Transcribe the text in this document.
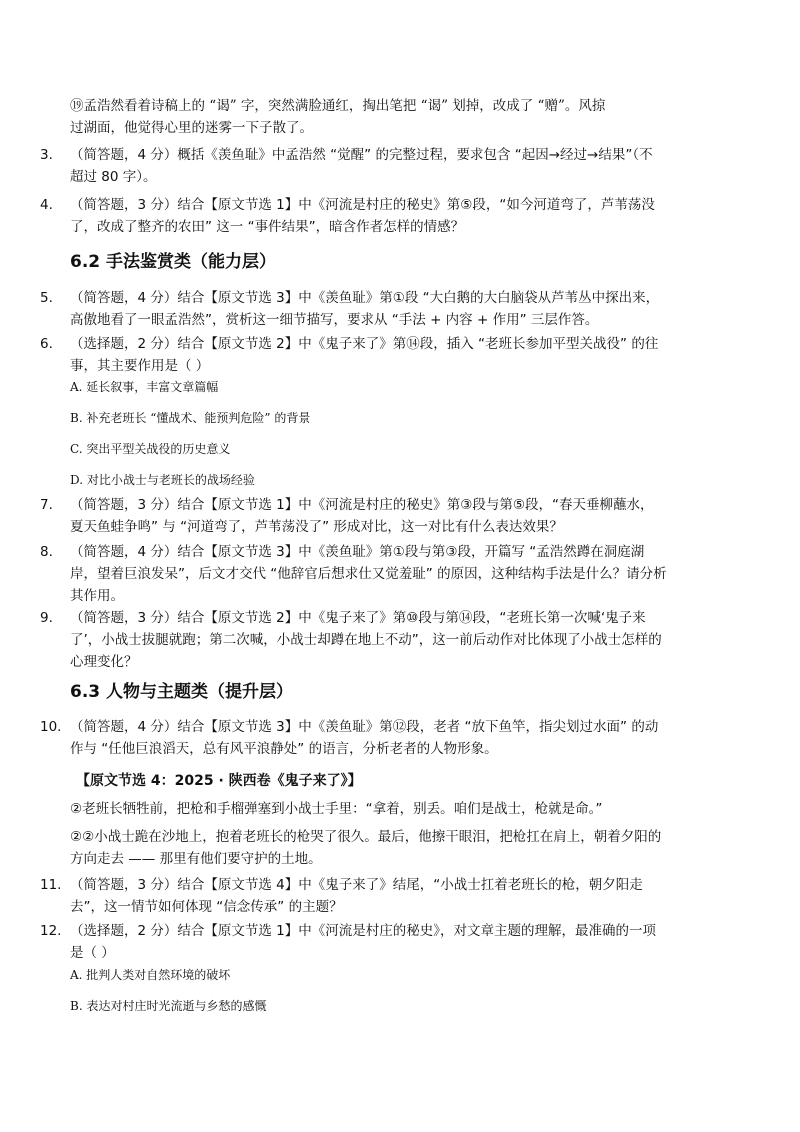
⑲孟浩然看着诗稿上的 “谒” 字，突然满脸通红，掏出笔把 “谒” 划掉，改成了 “赠”。风掠
过湖面，他觉得心里的迷雾一下子散了。
3.	（简答题，4 分）概括《羡鱼耻》中孟浩然 “觉醒” 的完整过程，要求包含 “起因→经过→结果”（不
超过 80 字）。
4.	（简答题，3 分）结合【原文节选 1】中《河流是村庄的秘史》第⑤段，“如今河道弯了，芦苇荡没
了，改成了整齐的农田” 这一 “事件结果”，暗含作者怎样的情感？
6.2 手法鉴赏类（能力层）
5.	（简答题，4 分）结合【原文节选 3】中《羡鱼耻》第①段 “大白鹅的大白脑袋从芦苇丛中探出来，
高傲地看了一眼孟浩然”，赏析这一细节描写，要求从 “手法 + 内容 + 作用” 三层作答。
6.	（选择题，2 分）结合【原文节选 2】中《鬼子来了》第⑭段，插入 “老班长参加平型关战役” 的往
事，其主要作用是（ ）
A. 延长叙事，丰富文章篇幅
B. 补充老班长 “懂战术、能预判危险” 的背景
C. 突出平型关战役的历史意义
D. 对比小战士与老班长的战场经验
7.	（简答题，3 分）结合【原文节选 1】中《河流是村庄的秘史》第③段与第⑤段，“春天垂柳蘸水，
夏天鱼蛙争鸣” 与 “河道弯了，芦苇荡没了” 形成对比，这一对比有什么表达效果？
8.	（简答题，4 分）结合【原文节选 3】中《羡鱼耻》第①段与第③段，开篇写 “孟浩然蹲在洞庭湖
岸，望着巨浪发呆”，后文才交代 “他辞官后想求仕又觉羞耻” 的原因，这种结构手法是什么？请分析
其作用。
9.	（简答题，3 分）结合【原文节选 2】中《鬼子来了》第⑩段与第⑭段，“老班长第一次喊‘鬼子来
了’，小战士拔腿就跑；第二次喊，小战士却蹲在地上不动”，这一前后动作对比体现了小战士怎样的
心理变化？
6.3 人物与主题类（提升层）
10. （简答题，4 分）结合【原文节选 3】中《羡鱼耻》第⑫段，老者 “放下鱼竿，指尖划过水面” 的动
作与 “任他巨浪滔天，总有风平浪静处” 的语言，分析老者的人物形象。
【原文节选 4：2025 · 陕西卷《鬼子来了》】
②老班长牺牲前，把枪和手榴弹塞到小战士手里：“拿着，别丢。咱们是战士，枪就是命。”
②②小战士跪在沙地上，抱着老班长的枪哭了很久。最后，他擦干眼泪，把枪扛在肩上，朝着夕阳的
方向走去 —— 那里有他们要守护的土地。
11. （简答题，3 分）结合【原文节选 4】中《鬼子来了》结尾，“小战士扛着老班长的枪，朝夕阳走
去”，这一情节如何体现 “信念传承” 的主题？
12. （选择题，2 分）结合【原文节选 1】中《河流是村庄的秘史》，对文章主题的理解，最准确的一项
是（ ）
A. 批判人类对自然环境的破坏
B. 表达对村庄时光流逝与乡愁的感慨
